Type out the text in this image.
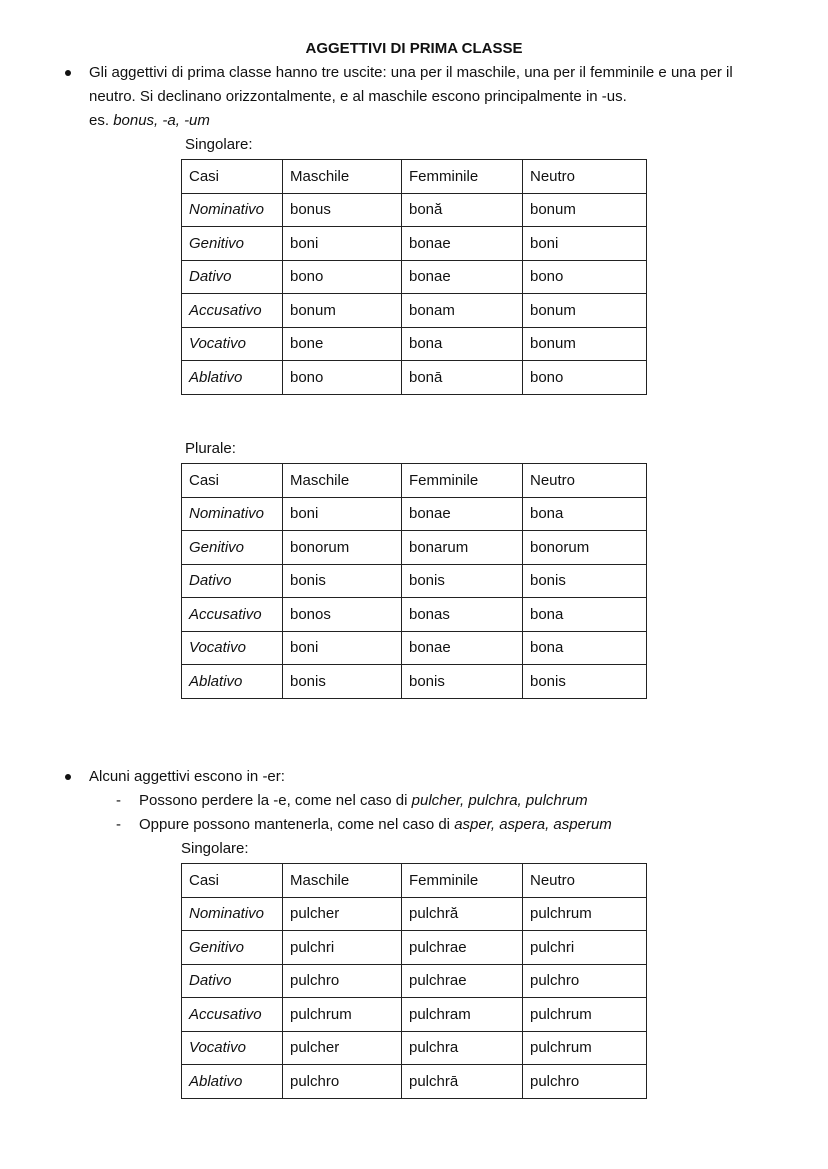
AGGETTIVI DI PRIMA CLASSE
Gli aggettivi di prima classe hanno tre uscite: una per il maschile, una per il femminile e una per il
neutro. Si declinano orizzontalmente, e al maschile escono principalmente in -us.
es. bonus, -a, -um
Singolare:
Casi	Maschile	Femminile	Neutro
Nominativo	bonus	bonă	bonum
Genitivo	boni	bonae	boni
Dativo	bono	bonae	bono
Accusativo	bonum	bonam	bonum
Vocativo	bone	bona	bonum
Ablativo	bono	bonā	bono
Plurale:
Casi	Maschile	Femminile	Neutro
Nominativo	boni	bonae	bona
Genitivo	bonorum	bonarum	bonorum
Dativo	bonis	bonis	bonis
Accusativo	bonos	bonas	bona
Vocativo	boni	bonae	bona
Ablativo	bonis	bonis	bonis
Alcuni aggettivi escono in -er:
- Possono perdere la -e, come nel caso di pulcher, pulchra, pulchrum
- Oppure possono mantenerla, come nel caso di asper, aspera, asperum
Singolare:
Casi	Maschile	Femminile	Neutro
Nominativo	pulcher	pulchră	pulchrum
Genitivo	pulchri	pulchrae	pulchri
Dativo	pulchro	pulchrae	pulchro
Accusativo	pulchrum	pulchram	pulchrum
Vocativo	pulcher	pulchra	pulchrum
Ablativo	pulchro	pulchrā	pulchro
